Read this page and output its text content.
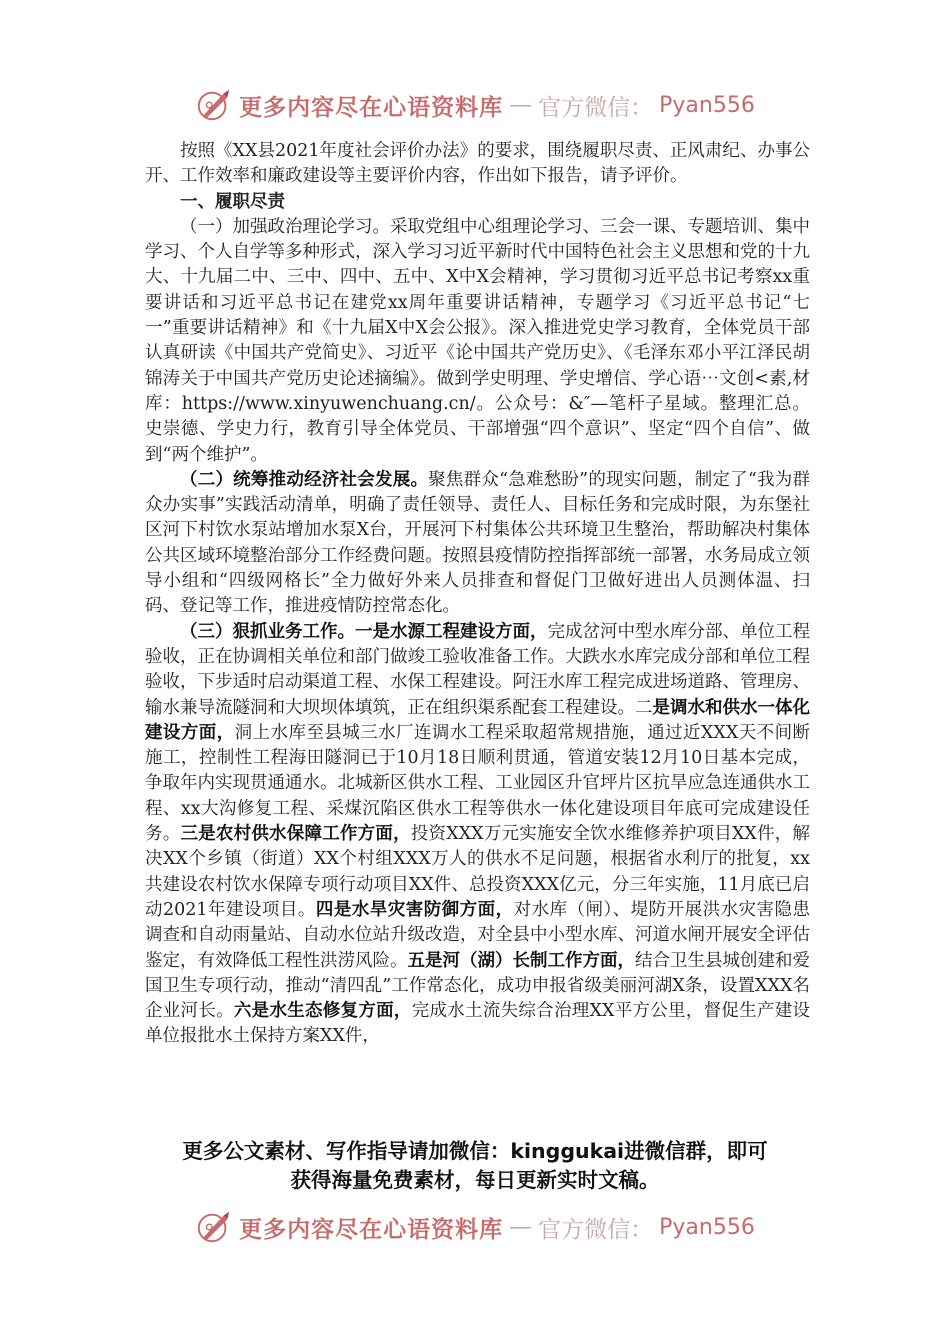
更多内容尽在心语资料库 — 官方微信： Pyan556

按照《XX县2021年度社会评价办法》的要求，围绕履职尽责、正风肃纪、办事公开、工作效率和廉政建设等主要评价内容，作出如下报告，请予评价。

一、履职尽责

（一）加强政治理论学习。采取党组中心组理论学习、三会一课、专题培训、集中学习、个人自学等多种形式，深入学习习近平新时代中国特色社会主义思想和党的十九大、十九届二中、三中、四中、五中、X中X会精神，学习贯彻习近平总书记考察xx重要讲话和习近平总书记在建党xx周年重要讲话精神，专题学习《习近平总书记“七一”重要讲话精神》和《十九届X中X会公报》。深入推进党史学习教育，全体党员干部认真研读《中国共产党简史》、习近平《论中国共产党历史》、《毛泽东邓小平江泽民胡锦涛关于中国共产党历史论述摘编》。做到学史明理、学史增信、学心语⋯文创<素,材库：https://www.xinyuwenchuang.cn/。公众号：&″—笔杆子星域。整理汇总。史崇德、学史力行，教育引导全体党员、干部增强“四个意识”、坚定“四个自信”、做到“两个维护”。

（二）统筹推动经济社会发展。聚焦群众“急难愁盼”的现实问题，制定了“我为群众办实事”实践活动清单，明确了责任领导、责任人、目标任务和完成时限，为东堡社区河下村饮水泵站增加水泵X台，开展河下村集体公共环境卫生整治，帮助解决村集体公共区域环境整治部分工作经费问题。按照县疫情防控指挥部统一部署，水务局成立领导小组和“四级网格长”全力做好外来人员排查和督促门卫做好进出人员测体温、扫码、登记等工作，推进疫情防控常态化。

（三）狠抓业务工作。一是水源工程建设方面，完成岔河中型水库分部、单位工程验收，正在协调相关单位和部门做竣工验收准备工作。大跌水水库完成分部和单位工程验收，下步适时启动渠道工程、水保工程建设。阿汪水库工程完成进场道路、管理房、输水兼导流隧洞和大坝坝体填筑，正在组织渠系配套工程建设。二是调水和供水一体化建设方面，洞上水库至县城三水厂连调水工程采取超常规措施，通过近XXX天不间断施工，控制性工程海田隧洞已于10月18日顺利贯通，管道安装12月10日基本完成，争取年内实现贯通通水。北城新区供水工程、工业园区升官坪片区抗旱应急连通供水工程、xx大沟修复工程、采煤沉陷区供水工程等供水一体化建设项目年底可完成建设任务。三是农村供水保障工作方面，投资XXX万元实施安全饮水维修养护项目XX件，解决XX个乡镇（街道）XX个村组XXX万人的供水不足问题，根据省水利厅的批复，xx共建设农村饮水保障专项行动项目XX件、总投资XXX亿元，分三年实施，11月底已启动2021年建设项目。四是水旱灾害防御方面，对水库（闸）、堤防开展洪水灾害隐患调查和自动雨量站、自动水位站升级改造，对全县中小型水库、河道水闸开展安全评估鉴定，有效降低工程性洪涝风险。五是河（湖）长制工作方面，结合卫生县城创建和爱国卫生专项行动，推动“清四乱”工作常态化，成功申报省级美丽河湖X条，设置XXX名企业河长。六是水生态修复方面，完成水土流失综合治理XX平方公里，督促生产建设单位报批水土保持方案XX件，

更多公文素材、写作指导请加微信：kinggukai进微信群，即可
获得海量免费素材，每日更新实时文稿。
更多内容尽在心语资料库 — 官方微信： Pyan556
